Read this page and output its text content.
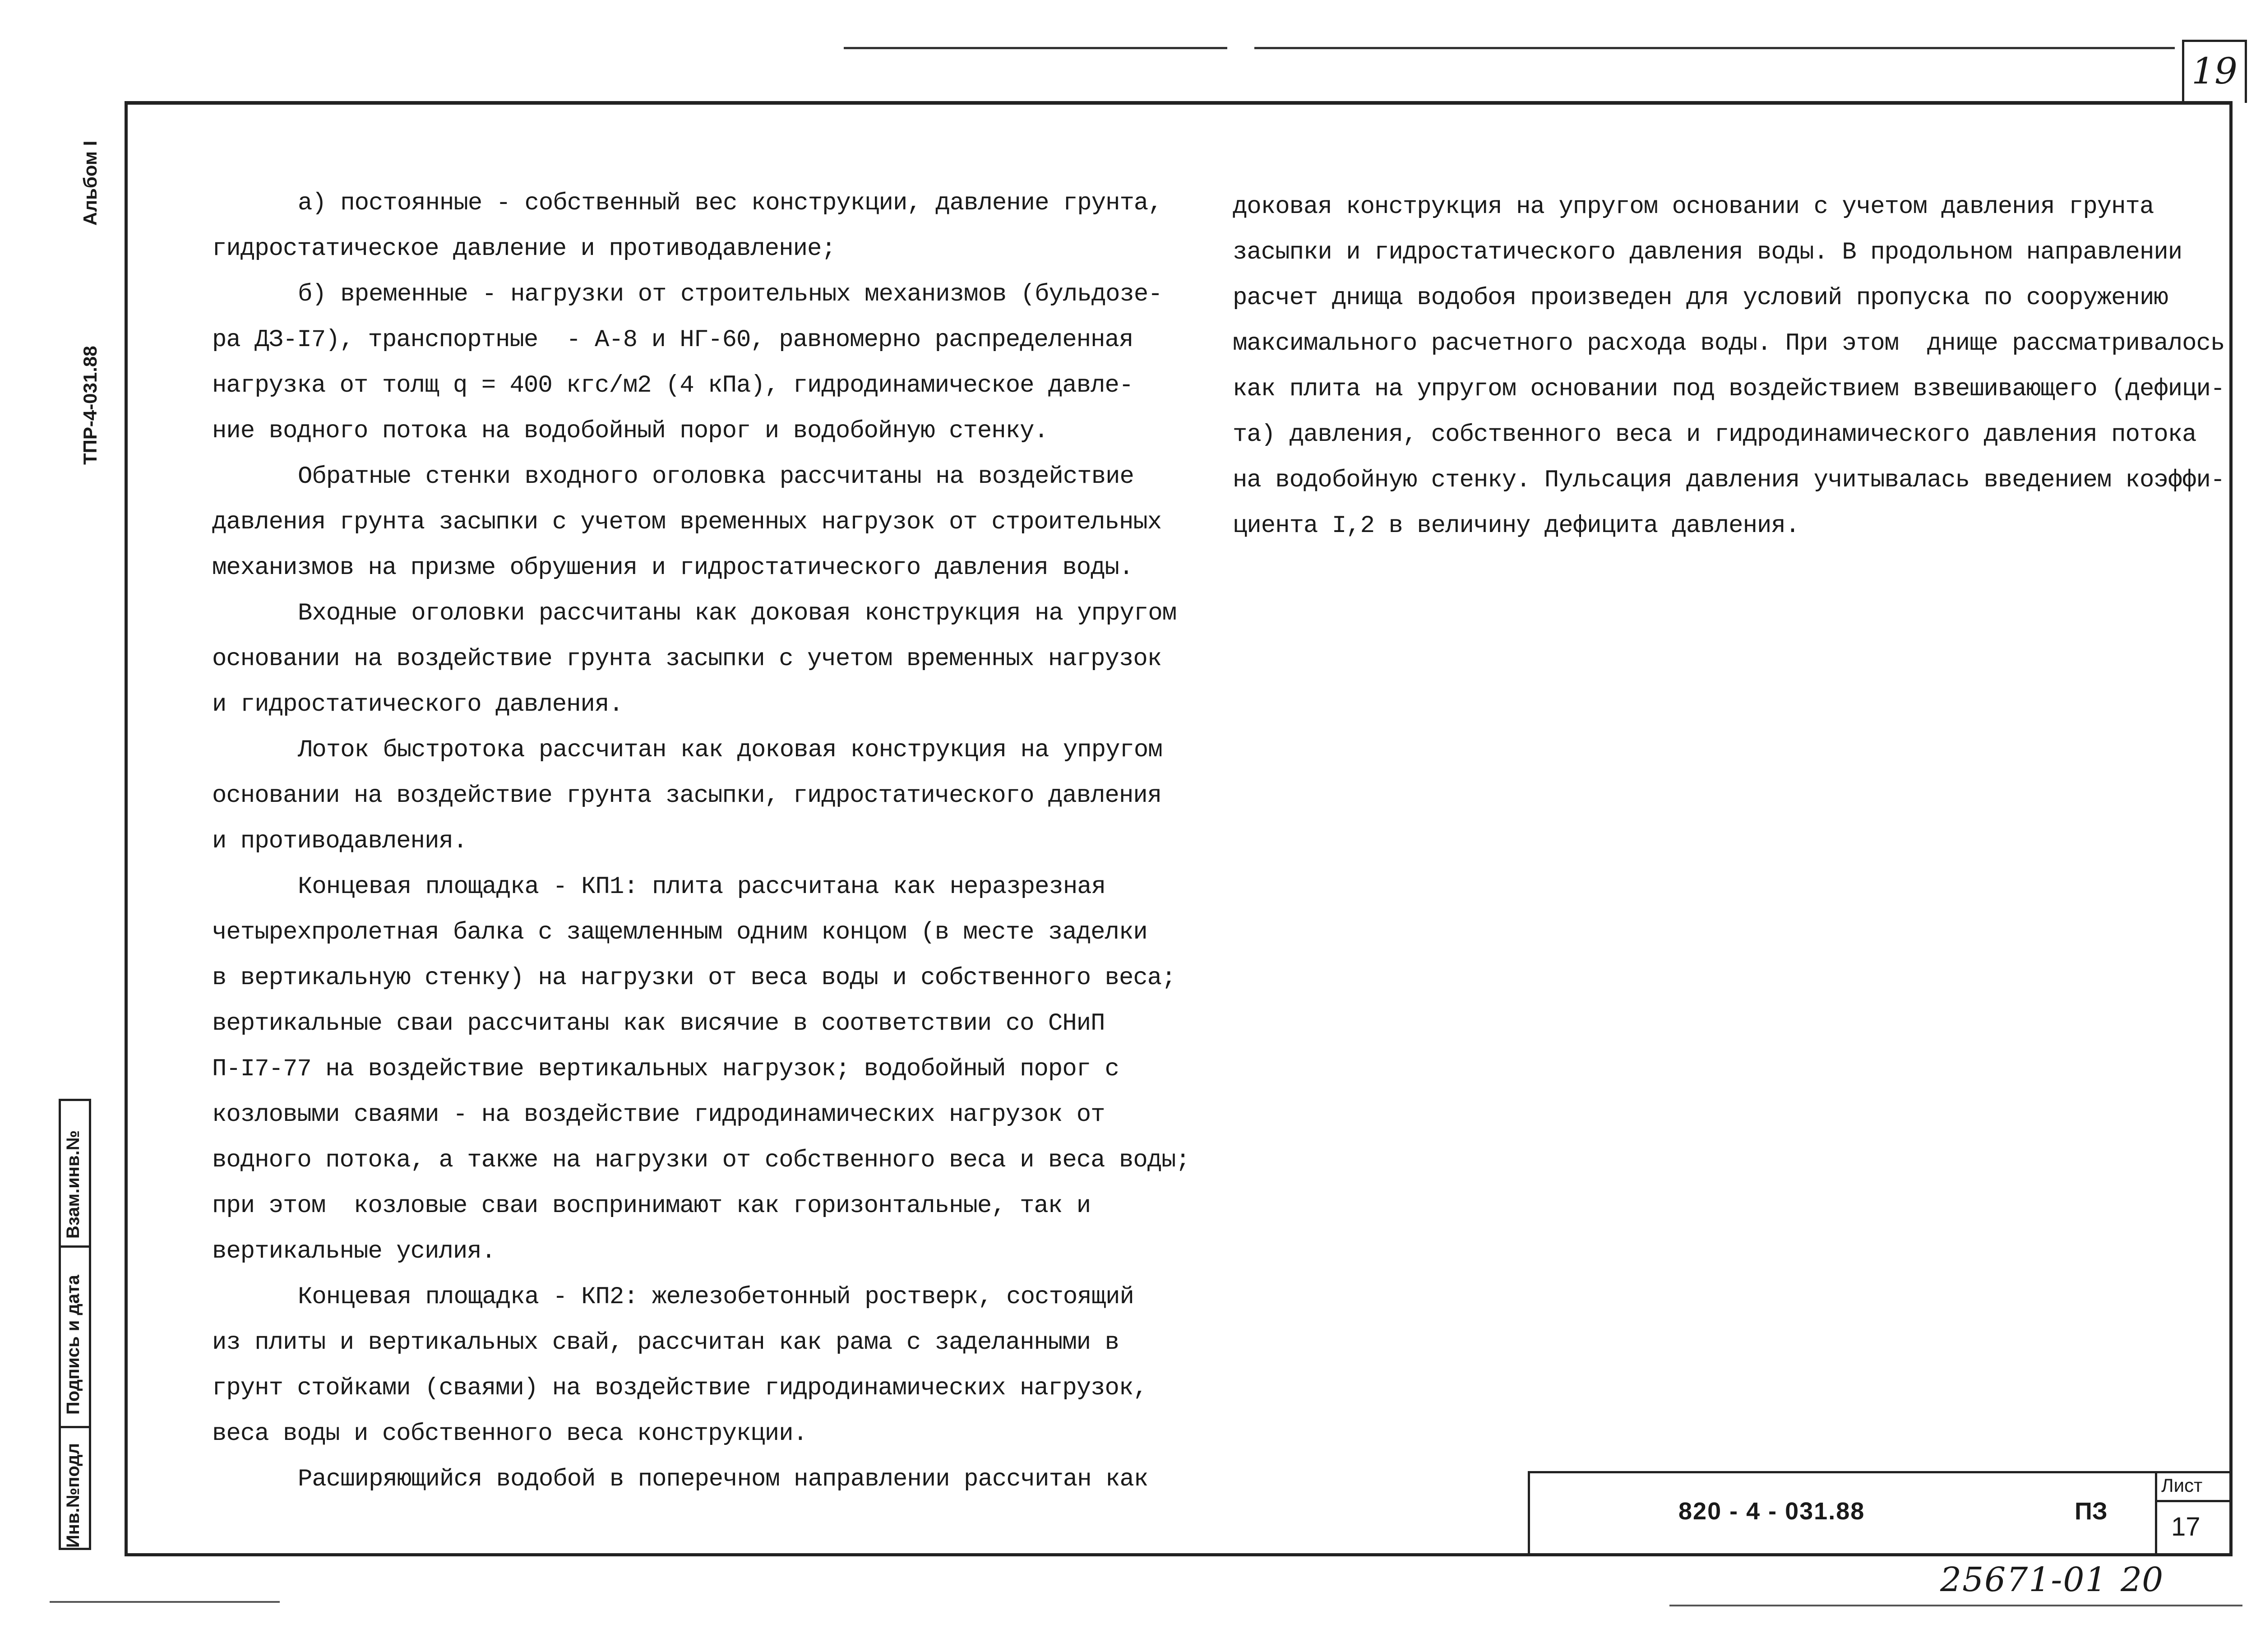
19
Альбом I
ТПР-4-031.88
Взам.инв.№
Подпись и дата
Инв.№подл
а) постоянные - собственный вес конструкции, давление грунта,
гидростатическое давление и противодавление;
б) временные - нагрузки от строительных механизмов (бульдозе-
ра ДЗ-I7), транспортные  - А-8 и НГ-60, равномерно распределенная
нагрузка от толщ q = 400 кгс/м2 (4 кПа), гидродинамическое давле-
ние водного потока на водобойный порог и водобойную стенку.
Обратные стенки входного оголовка рассчитаны на воздействие
давления грунта засыпки с учетом временных нагрузок от строительных
механизмов на призме обрушения и гидростатического давления воды.
Входные оголовки рассчитаны как доковая конструкция на упругом
основании на воздействие грунта засыпки с учетом временных нагрузок
и гидростатического давления.
Лоток быстротока рассчитан как доковая конструкция на упругом
основании на воздействие грунта засыпки, гидростатического давления
и противодавления.
Концевая площадка - КП1: плита рассчитана как неразрезная
четырехпролетная балка с защемленным одним концом (в месте заделки
в вертикальную стенку) на нагрузки от веса воды и собственного веса;
вертикальные сваи рассчитаны как висячие в соответствии со СНиП
П-I7-77 на воздействие вертикальных нагрузок; водобойный порог с
козловыми сваями - на воздействие гидродинамических нагрузок от
водного потока, а также на нагрузки от собственного веса и веса воды;
при этом  козловые сваи воспринимают как горизонтальные, так и
вертикальные усилия.
Концевая площадка - КП2: железобетонный ростверк, состоящий
из плиты и вертикальных свай, рассчитан как рама с заделанными в
грунт стойками (сваями) на воздействие гидродинамических нагрузок,
веса воды и собственного веса конструкции.
Расширяющийся водобой в поперечном направлении рассчитан как
доковая конструкция на упругом основании с учетом давления грунта
засыпки и гидростатического давления воды. В продольном направлении
расчет днища водобоя произведен для условий пропуска по сооружению
максимального расчетного расхода воды. При этом  днище рассматривалось
как плита на упругом основании под воздействием взвешивающего (дефици-
та) давления, собственного веса и гидродинамического давления потока
на водобойную стенку. Пульсация давления учитывалась введением коэффи-
циента I,2 в величину дефицита давления.
820 - 4 - 031.88	ПЗ
Лист
17
25671-01 20
